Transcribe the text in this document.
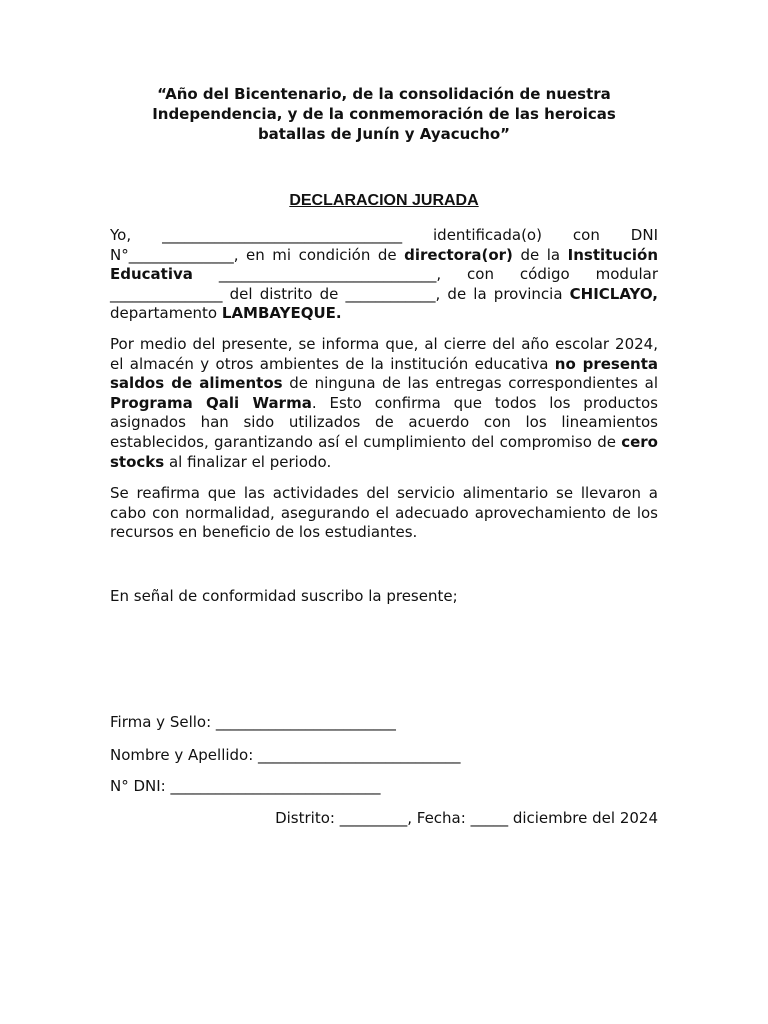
“Año del Bicentenario, de la consolidación de nuestra
Independencia, y de la conmemoración de las heroicas
batallas de Junín y Ayacucho”
DECLARACION JURADA

Yo, ________________________________ identificada(o) con DNI N°______________, en mi condición de directora(or) de la Institución Educativa _____________________________, con código modular _______________ del distrito de ____________, de la provincia CHICLAYO, departamento LAMBAYEQUE.

Por medio del presente, se informa que, al cierre del año escolar 2024, el almacén y otros ambientes de la institución educativa no presenta saldos de alimentos de ninguna de las entregas correspondientes al Programa Qali Warma. Esto confirma que todos los productos asignados han sido utilizados de acuerdo con los lineamientos establecidos, garantizando así el cumplimiento del compromiso de cero stocks al finalizar el periodo.

Se reafirma que las actividades del servicio alimentario se llevaron a cabo con normalidad, asegurando el adecuado aprovechamiento de los recursos en beneficio de los estudiantes.

En señal de conformidad suscribo la presente;

Firma y Sello: ________________________
Nombre y Apellido: ___________________________
N° DNI: ____________________________
Distrito: _________, Fecha: _____ diciembre del 2024
